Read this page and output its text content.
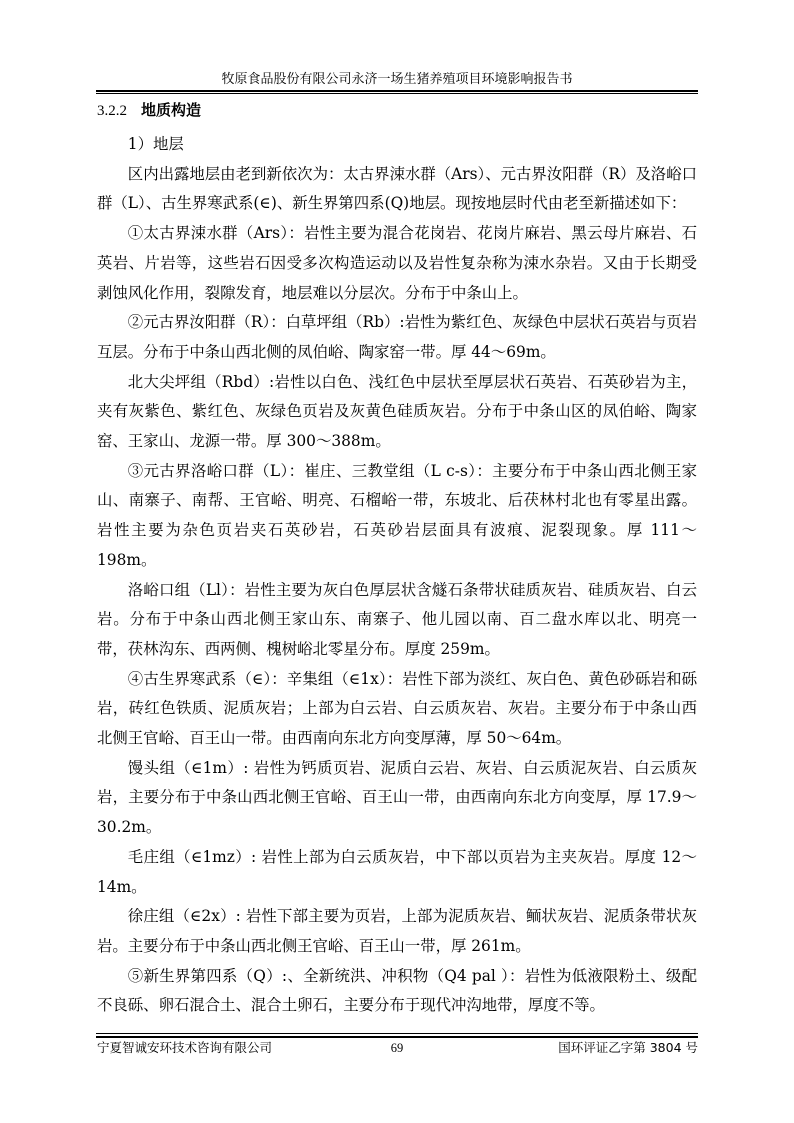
牧原食品股份有限公司永济一场生猪养殖项目环境影响报告书
3.2.2 地质构造

1）地层

区内出露地层由老到新依次为：太古界涑水群（Ars）、元古界汝阳群（R）及洛峪口群（L）、古生界寒武系(∈)、新生界第四系(Q)地层。现按地层时代由老至新描述如下：

①太古界涑水群（Ars）：岩性主要为混合花岗岩、花岗片麻岩、黑云母片麻岩、石英岩、片岩等，这些岩石因受多次构造运动以及岩性复杂称为涑水杂岩。又由于长期受剥蚀风化作用，裂隙发育，地层难以分层次。分布于中条山上。

②元古界汝阳群（R）：白草坪组（Rb）:岩性为紫红色、灰绿色中层状石英岩与页岩互层。分布于中条山西北侧的凤伯峪、陶家窑一带。厚 44～69m。

北大尖坪组（Rbd）:岩性以白色、浅红色中层状至厚层状石英岩、石英砂岩为主，夹有灰紫色、紫红色、灰绿色页岩及灰黄色硅质灰岩。分布于中条山区的凤伯峪、陶家窑、王家山、龙源一带。厚 300～388m。

③元古界洛峪口群（L）：崔庄、三教堂组（L c-s）：主要分布于中条山西北侧王家山、南寨子、南帮、王官峪、明亮、石榴峪一带，东坡北、后茯林村北也有零星出露。岩性主要为杂色页岩夹石英砂岩，石英砂岩层面具有波痕、泥裂现象。厚 111～198m。

洛峪口组（Ll）：岩性主要为灰白色厚层状含燧石条带状硅质灰岩、硅质灰岩、白云岩。分布于中条山西北侧王家山东、南寨子、他儿园以南、百二盘水库以北、明亮一带，茯林沟东、西两侧、槐树峪北零星分布。厚度 259m。

④古生界寒武系（∈）：辛集组（∈1x）：岩性下部为淡红、灰白色、黄色砂砾岩和砾岩，砖红色铁质、泥质灰岩；上部为白云岩、白云质灰岩、灰岩。主要分布于中条山西北侧王官峪、百王山一带。由西南向东北方向变厚薄，厚 50～64m。

馒头组（∈1m）: 岩性为钙质页岩、泥质白云岩、灰岩、白云质泥灰岩、白云质灰岩，主要分布于中条山西北侧王官峪、百王山一带，由西南向东北方向变厚，厚 17.9～30.2m。

毛庄组（∈1mz）: 岩性上部为白云质灰岩，中下部以页岩为主夹灰岩。厚度 12～14m。

徐庄组（∈2x）: 岩性下部主要为页岩，上部为泥质灰岩、鲕状灰岩、泥质条带状灰岩。主要分布于中条山西北侧王官峪、百王山一带，厚 261m。

⑤新生界第四系（Q）:、全新统洪、冲积物（Q4 pal ）：岩性为低液限粉土、级配不良砾、卵石混合土、混合土卵石，主要分布于现代冲沟地带，厚度不等。

宁夏智诚安环技术咨询有限公司	69	国环评证乙字第 3804 号
